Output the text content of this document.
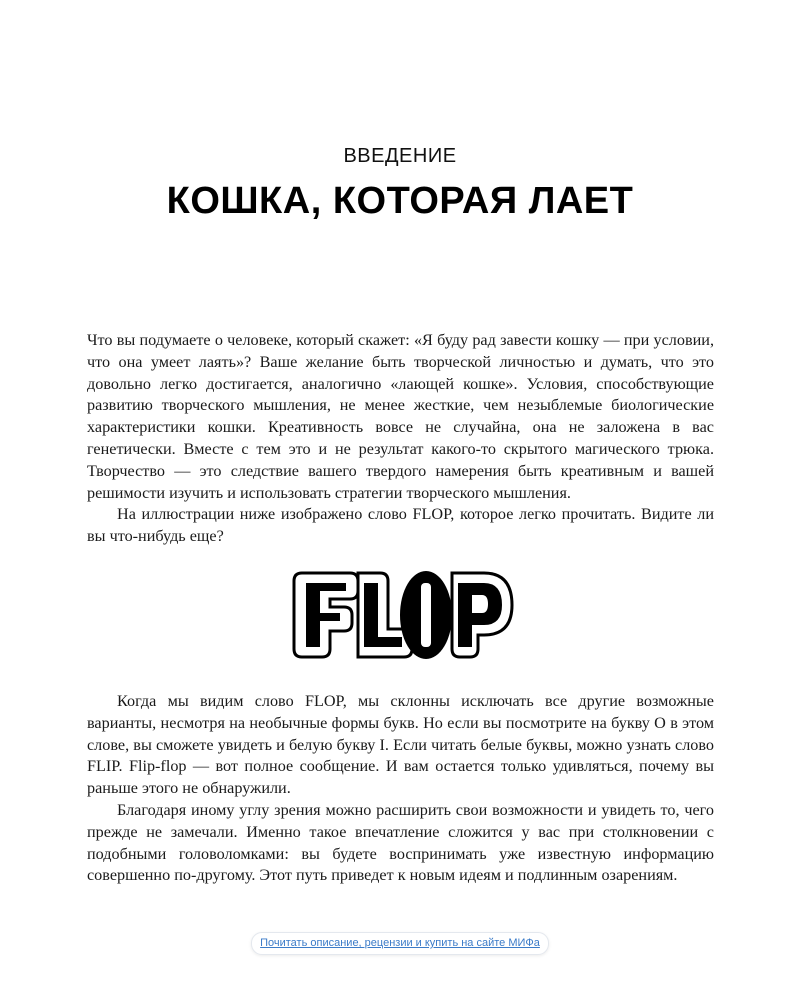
ВВЕДЕНИЕ
КОШКА, КОТОРАЯ ЛАЕТ

Что вы подумаете о человеке, который скажет: «Я буду рад завести кошку — при условии, что она умеет лаять»? Ваше желание быть творческой личностью и думать, что это довольно легко достигается, аналогично «лающей кошке». Условия, способствующие развитию творческого мышления, не менее жесткие, чем незыблемые биологические характеристики кошки. Креативность вовсе не случайна, она не заложена в вас генетически. Вместе с тем это и не результат какого-то скрытого магического трюка. Творчество — это следствие вашего твердого намерения быть креативным и вашей решимости изучить и использовать стратегии творческого мышления.

На иллюстрации ниже изображено слово FLOP, которое легко прочитать. Видите ли вы что-нибудь еще?

Когда мы видим слово FLOP, мы склонны исключать все другие возможные варианты, несмотря на необычные формы букв. Но если вы посмотрите на букву O в этом слове, вы сможете увидеть и белую букву I. Если читать белые буквы, можно узнать слово FLIP. Flip-flop — вот полное сообщение. И вам остается только удивляться, почему вы раньше этого не обнаружили.

Благодаря иному углу зрения можно расширить свои возможности и увидеть то, чего прежде не замечали. Именно такое впечатление сложится у вас при столкновении с подобными головоломками: вы будете воспринимать уже известную информацию совершенно по-другому. Этот путь приведет к новым идеям и подлинным озарениям.

Почитать описание, рецензии и купить на сайте МИФа
